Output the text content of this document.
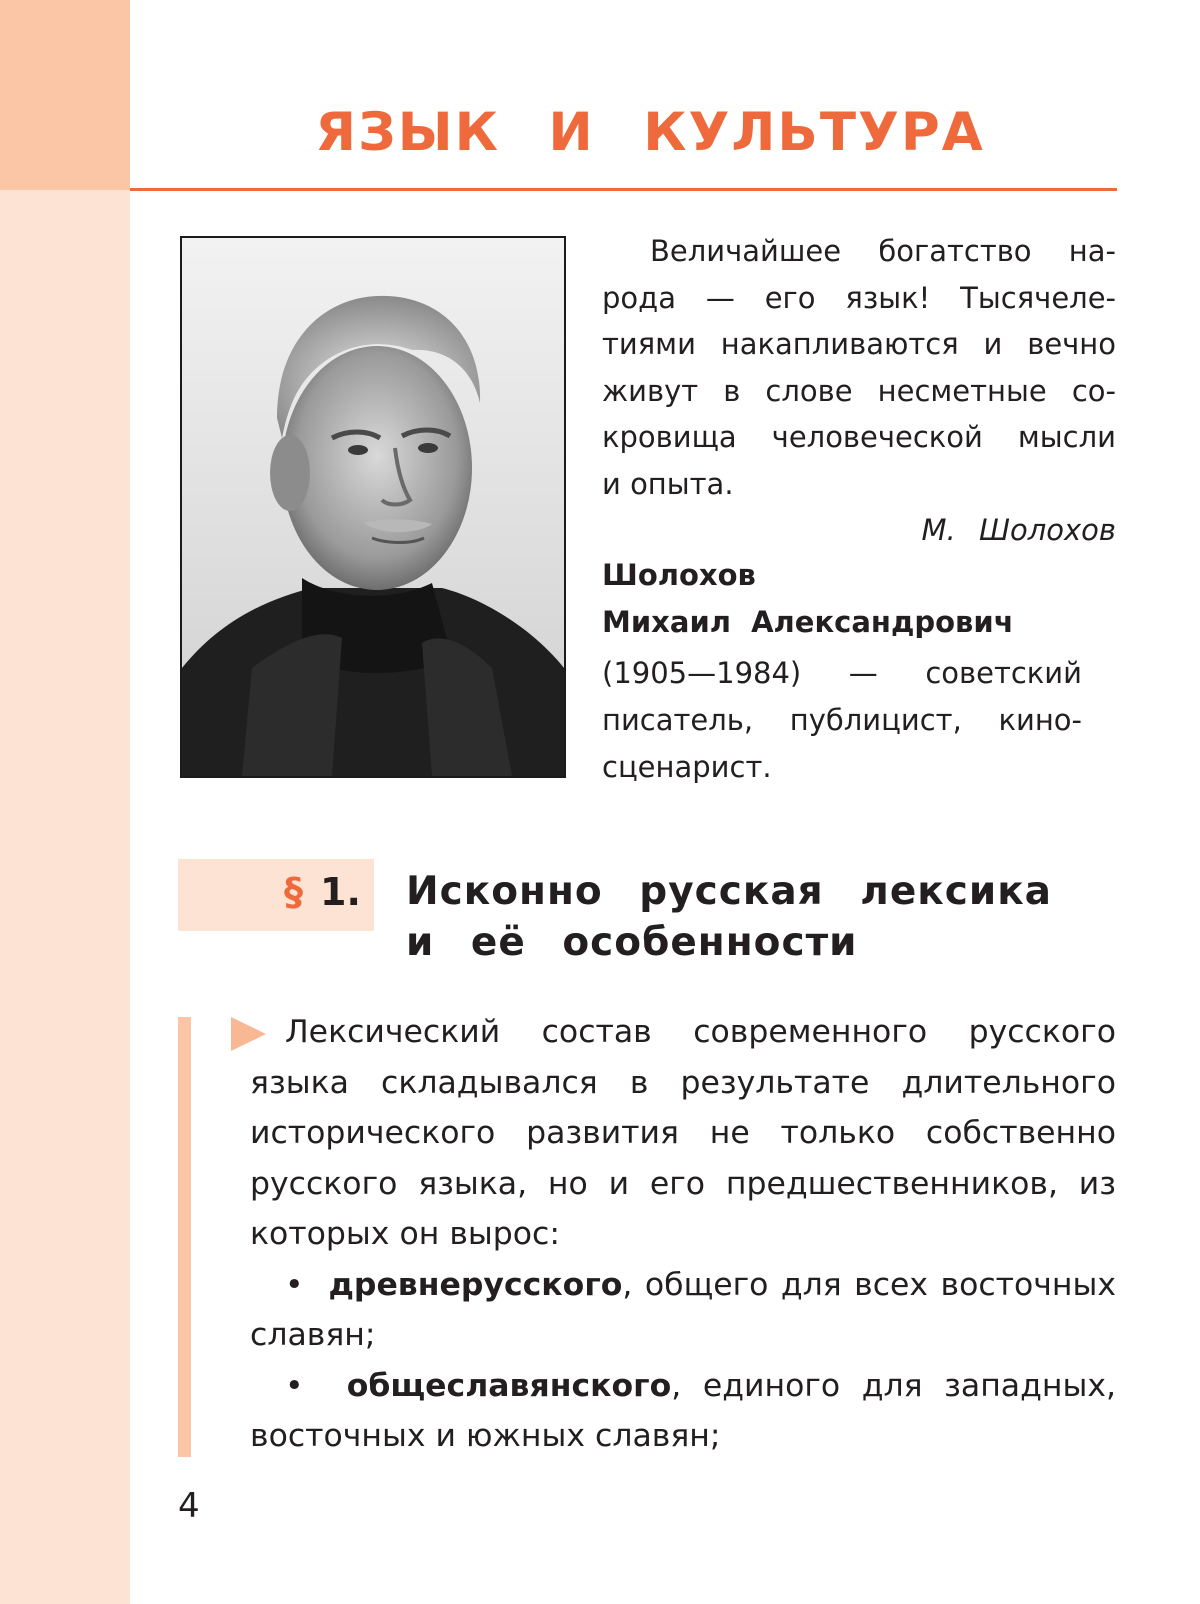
ЯЗЫК И КУЛЬТУРА

Величайшее богатство на-

рода — его язык! Тысячеле-

тиями накапливаются и вечно

живут в слове несметные со-

кровища человеческой мысли

и опыта.

М. Шолохов
Шолохов
Михаил Александрович
(1905—1984) — советский писатель, публицист, киносценарист.
§ 1. Исконно русская лексика
и её особенности

Лексический состав современного русского языка складывался в результате длительного исторического развития не только собственно русского языка, но и его предшественников, из которых он вырос:

•  древнерусского, общего для всех восточных славян;

•  общеславянского, единого для западных, восточных и южных славян;

4
